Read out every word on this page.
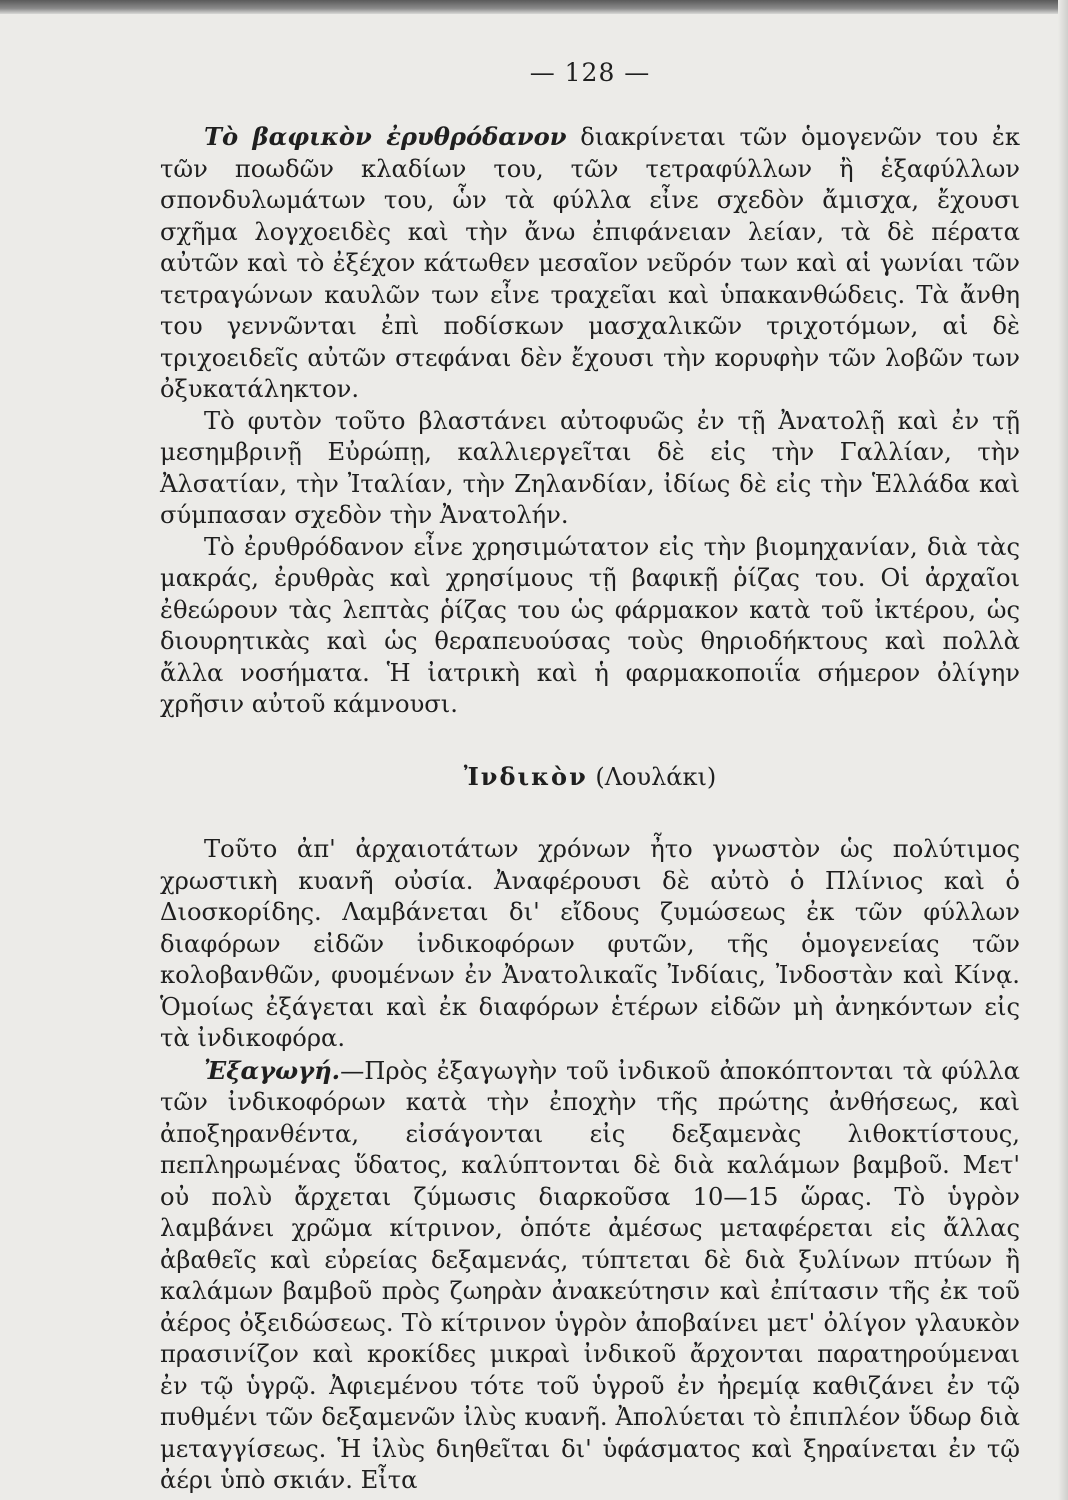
— 128 —

Τὸ βαφικὸν ἐρυθρόδανον διακρίνεται τῶν ὁμογενῶν του ἐκ τῶν ποωδῶν κλαδίων του, τῶν τετραφύλλων ἢ ἑξαφύλλων σπονδυλωμάτων του, ὧν τὰ φύλλα εἶνε σχεδὸν ἄμισχα, ἔχουσι σχῆμα λογχοειδὲς καὶ τὴν ἄνω ἐπιφάνειαν λείαν, τὰ δὲ πέρατα αὐτῶν καὶ τὸ ἐξέχον κάτωθεν μεσαῖον νεῦρόν των καὶ αἱ γωνίαι τῶν τετραγώνων καυλῶν των εἶνε τραχεῖαι καὶ ὑπακανθώδεις. Τὰ ἄνθη του γεννῶνται ἐπὶ ποδίσκων μασχαλικῶν τριχοτόμων, αἱ δὲ τριχοειδεῖς αὐτῶν στεφάναι δὲν ἔχουσι τὴν κορυφὴν τῶν λοβῶν των ὀξυκατάληκτον.

Τὸ φυτὸν τοῦτο βλαστάνει αὐτοφυῶς ἐν τῇ Ἀνατολῇ καὶ ἐν τῇ μεσημβρινῇ Εὐρώπῃ, καλλιεργεῖται δὲ εἰς τὴν Γαλλίαν, τὴν Ἀλσατίαν, τὴν Ἰταλίαν, τὴν Ζηλανδίαν, ἰδίως δὲ εἰς τὴν Ἑλλάδα καὶ σύμπασαν σχεδὸν τὴν Ἀνατολήν.

Τὸ ἐρυθρόδανον εἶνε χρησιμώτατον εἰς τὴν βιομηχανίαν, διὰ τὰς μακράς, ἐρυθρὰς καὶ χρησίμους τῇ βαφικῇ ῥίζας του. Οἱ ἀρχαῖοι ἐθεώρουν τὰς λεπτὰς ῥίζας του ὡς φάρμακον κατὰ τοῦ ἰκτέρου, ὡς διουρητικὰς καὶ ὡς θεραπευούσας τοὺς θηριοδήκτους καὶ πολλὰ ἄλλα νοσήματα. Ἡ ἰατρικὴ καὶ ἡ φαρμακοποιΐα σήμερον ὀλίγην χρῆσιν αὐτοῦ κάμνουσι.

Ἰνδικὸν (Λουλάκι)

Τοῦτο ἀπ' ἀρχαιοτάτων χρόνων ἦτο γνωστὸν ὡς πολύτιμος χρωστικὴ κυανῆ οὐσία. Ἀναφέρουσι δὲ αὐτὸ ὁ Πλίνιος καὶ ὁ Διοσκορίδης. Λαμβάνεται δι' εἴδους ζυμώσεως ἐκ τῶν φύλλων διαφόρων εἰδῶν ἰνδικοφόρων φυτῶν, τῆς ὁμογενείας τῶν κολοβανθῶν, φυομένων ἐν Ἀνατολικαῖς Ἰνδίαις, Ἰνδοστὰν καὶ Κίνᾳ. Ὁμοίως ἐξάγεται καὶ ἐκ διαφόρων ἑτέρων εἰδῶν μὴ ἀνηκόντων εἰς τὰ ἰνδικοφόρα.

Ἐξαγωγή.—Πρὸς ἐξαγωγὴν τοῦ ἰνδικοῦ ἀποκόπτονται τὰ φύλλα τῶν ἰνδικοφόρων κατὰ τὴν ἐποχὴν τῆς πρώτης ἀνθήσεως, καὶ ἀποξηρανθέντα, εἰσάγονται εἰς δεξαμενὰς λιθοκτίστους, πεπληρωμένας ὕδατος, καλύπτονται δὲ διὰ καλάμων βαμβοῦ. Μετ' οὐ πολὺ ἄρχεται ζύμωσις διαρκοῦσα 10—15 ὥρας. Τὸ ὑγρὸν λαμβάνει χρῶμα κίτρινον, ὁπότε ἀμέσως μεταφέρεται εἰς ἄλλας ἀβαθεῖς καὶ εὐρείας δεξαμενάς, τύπτεται δὲ διὰ ξυλίνων πτύων ἢ καλάμων βαμβοῦ πρὸς ζωηρὰν ἀνακεύτησιν καὶ ἐπίτασιν τῆς ἐκ τοῦ ἀέρος ὀξειδώσεως. Τὸ κίτρινον ὑγρὸν ἀποβαίνει μετ' ὀλίγον γλαυκὸν πρασινίζον καὶ κροκίδες μικραὶ ἰνδικοῦ ἄρχονται παρατηρούμεναι ἐν τῷ ὑγρῷ. Ἀφιεμένου τότε τοῦ ὑγροῦ ἐν ἠρεμίᾳ καθιζάνει ἐν τῷ πυθμένι τῶν δεξαμενῶν ἰλὺς κυανῆ. Ἀπολύεται τὸ ἐπιπλέον ὕδωρ διὰ μεταγγίσεως. Ἡ ἰλὺς διηθεῖται δι' ὑφάσματος καὶ ξηραίνεται ἐν τῷ ἀέρι ὑπὸ σκιάν. Εἶτα
